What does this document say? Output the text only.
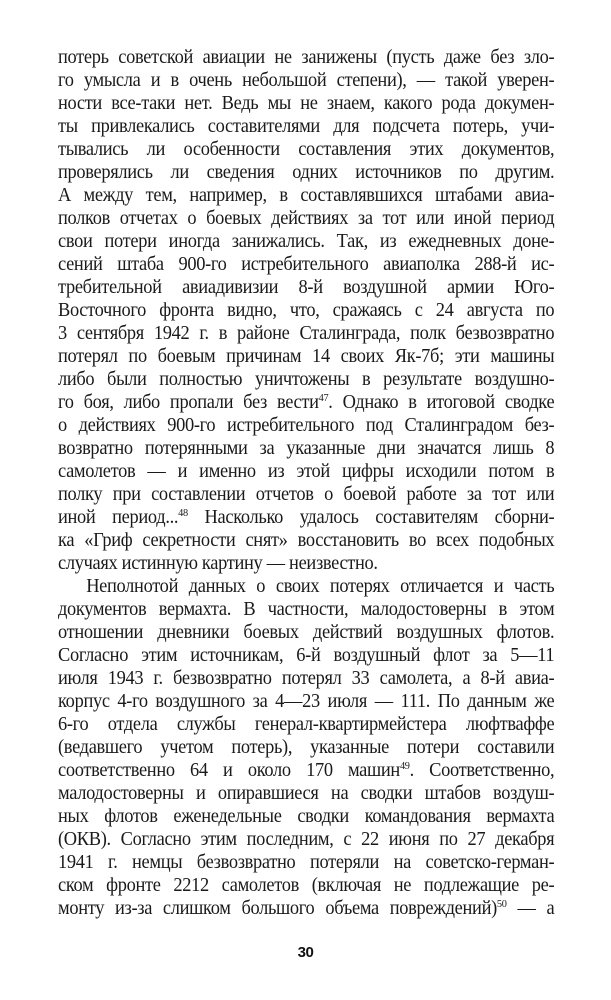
потерь советской авиации не занижены (пусть даже без зло-
го умысла и в очень небольшой степени), — такой уверен-
ности все-таки нет. Ведь мы не знаем, какого рода докумен-
ты привлекались составителями для подсчета потерь, учи-
тывались ли особенности составления этих документов,
проверялись ли сведения одних источников по другим.
А между тем, например, в составлявшихся штабами авиа-
полков отчетах о боевых действиях за тот или иной период
свои потери иногда занижались. Так, из ежедневных доне-
сений штаба 900-го истребительного авиаполка 288-й ис-
требительной авиадивизии 8-й воздушной армии Юго-
Восточного фронта видно, что, сражаясь с 24 августа по
3 сентября 1942 г. в районе Сталинграда, полк безвозвратно
потерял по боевым причинам 14 своих Як-7б; эти машины
либо были полностью уничтожены в результате воздушно-
го боя, либо пропали без вести$^{47}$. Однако в итоговой сводке
о действиях 900-го истребительного под Сталинградом без-
возвратно потерянными за указанные дни значатся лишь 8
самолетов — и именно из этой цифры исходили потом в
полку при составлении отчетов о боевой работе за тот или
иной период...$^{48}$ Насколько удалось составителям сборни-
ка «Гриф секретности снят» восстановить во всех подобных
случаях истинную картину — неизвестно.
Неполнотой данных о своих потерях отличается и часть
документов вермахта. В частности, малодостоверны в этом
отношении дневники боевых действий воздушных флотов.
Согласно этим источникам, 6-й воздушный флот за 5—11
июля 1943 г. безвозвратно потерял 33 самолета, а 8-й авиа-
корпус 4-го воздушного за 4—23 июля — 111. По данным же
6-го отдела службы генерал-квартирмейстера люфтваффе
(ведавшего учетом потерь), указанные потери составили
соответственно 64 и около 170 машин$^{49}$. Соответственно,
малодостоверны и опиравшиеся на сводки штабов воздуш-
ных флотов еженедельные сводки командования вермахта
(ОКВ). Согласно этим последним, с 22 июня по 27 декабря
1941 г. немцы безвозвратно потеряли на советско-герман-
ском фронте 2212 самолетов (включая не подлежащие ре-
монту из-за слишком большого объема повреждений)$^{50}$ — а
30
